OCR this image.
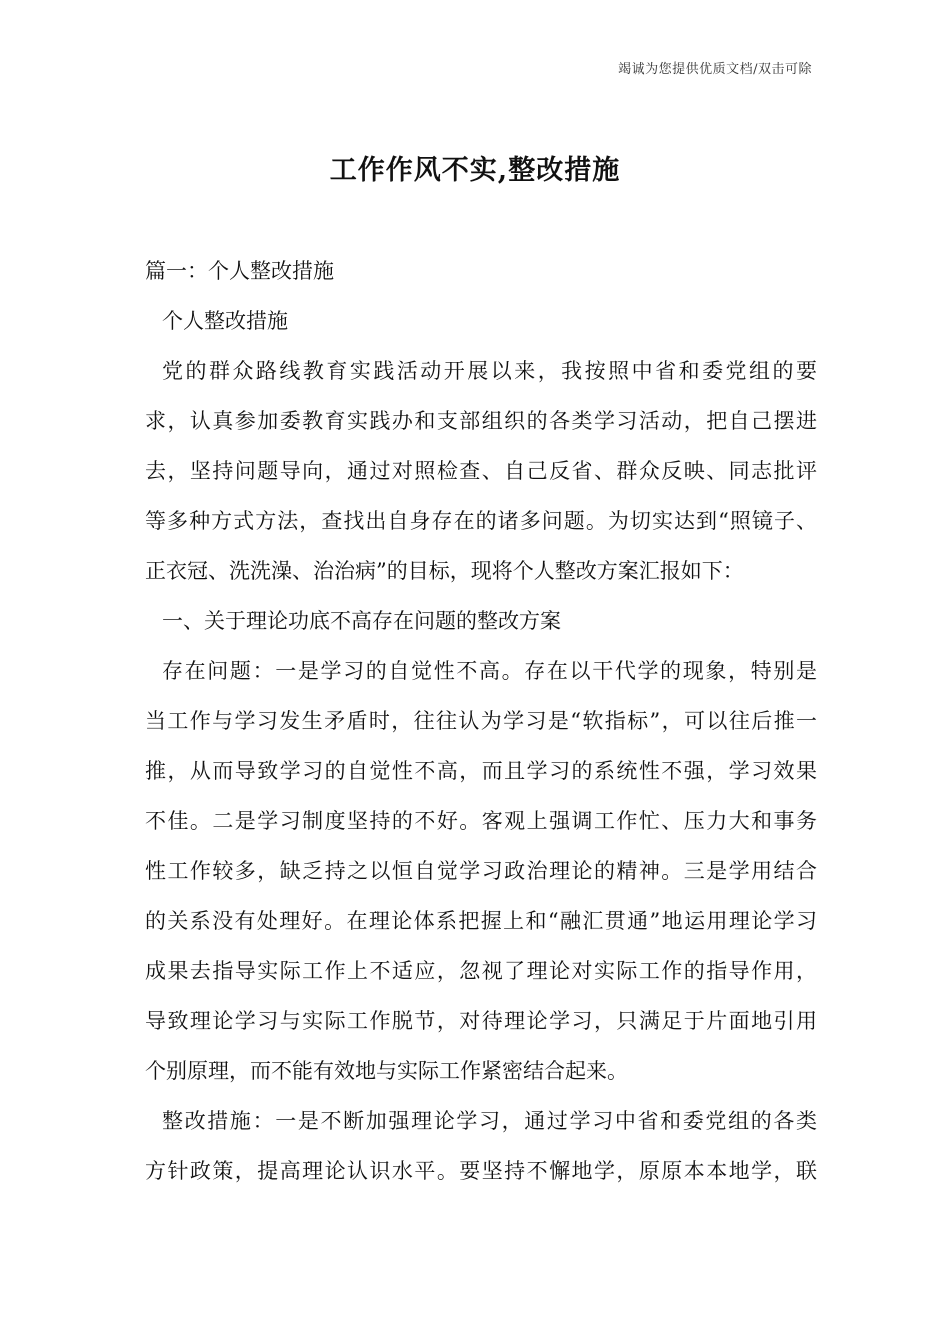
竭诚为您提供优质文档/双击可除
工作作风不实,整改措施
篇一：个人整改措施
个人整改措施
党的群众路线教育实践活动开展以来，我按照中省和委党组的要
求，认真参加委教育实践办和支部组织的各类学习活动，把自己摆进
去，坚持问题导向，通过对照检查、自己反省、群众反映、同志批评
等多种方式方法，查找出自身存在的诸多问题。为切实达到“照镜子、
正衣冠、洗洗澡、治治病”的目标，现将个人整改方案汇报如下：
一、关于理论功底不高存在问题的整改方案
存在问题：一是学习的自觉性不高。存在以干代学的现象，特别是
当工作与学习发生矛盾时，往往认为学习是“软指标”，可以往后推一
推，从而导致学习的自觉性不高，而且学习的系统性不强，学习效果
不佳。二是学习制度坚持的不好。客观上强调工作忙、压力大和事务
性工作较多，缺乏持之以恒自觉学习政治理论的精神。三是学用结合
的关系没有处理好。在理论体系把握上和“融汇贯通”地运用理论学习
成果去指导实际工作上不适应，忽视了理论对实际工作的指导作用，
导致理论学习与实际工作脱节，对待理论学习，只满足于片面地引用
个别原理，而不能有效地与实际工作紧密结合起来。
整改措施：一是不断加强理论学习，通过学习中省和委党组的各类
方针政策，提高理论认识水平。要坚持不懈地学，原原本本地学，联
